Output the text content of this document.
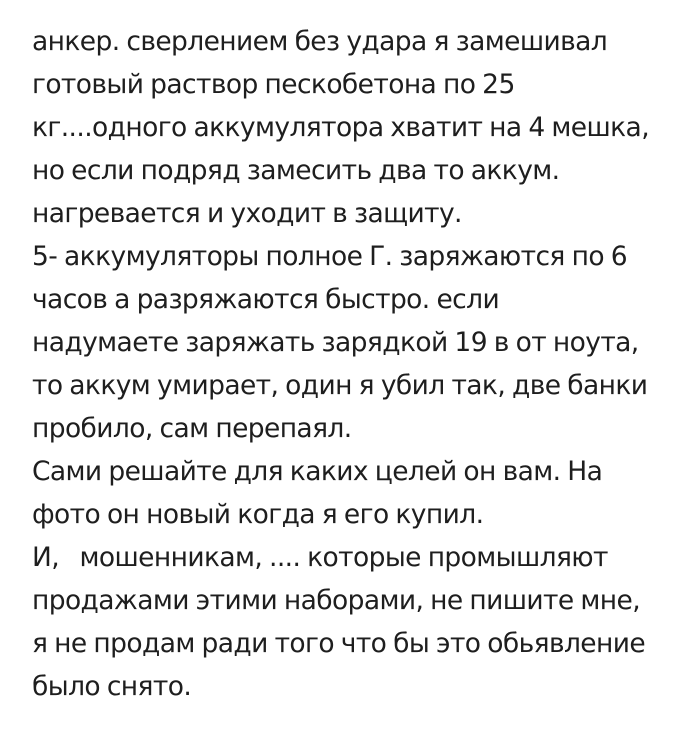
анкер. сверлением без удара я замешивал
готовый раствор пескобетона по 25
кг....одного аккумулятора хватит на 4 мешка,
но если подряд замесить два то аккум.
нагревается и уходит в защиту.
5- аккумуляторы полное Г. заряжаются по 6
часов а разряжаются быстро. если
надумаете заряжать зарядкой 19 в от ноута,
то аккум умирает, один я убил так, две банки
пробило, сам перепаял.
Сами решайте для каких целей он вам. На
фото он новый когда я его купил.
И,   мошенникам, .... которые промышляют
продажами этими наборами, не пишите мне,
я не продам ради того что бы это обьявление
было снято.
